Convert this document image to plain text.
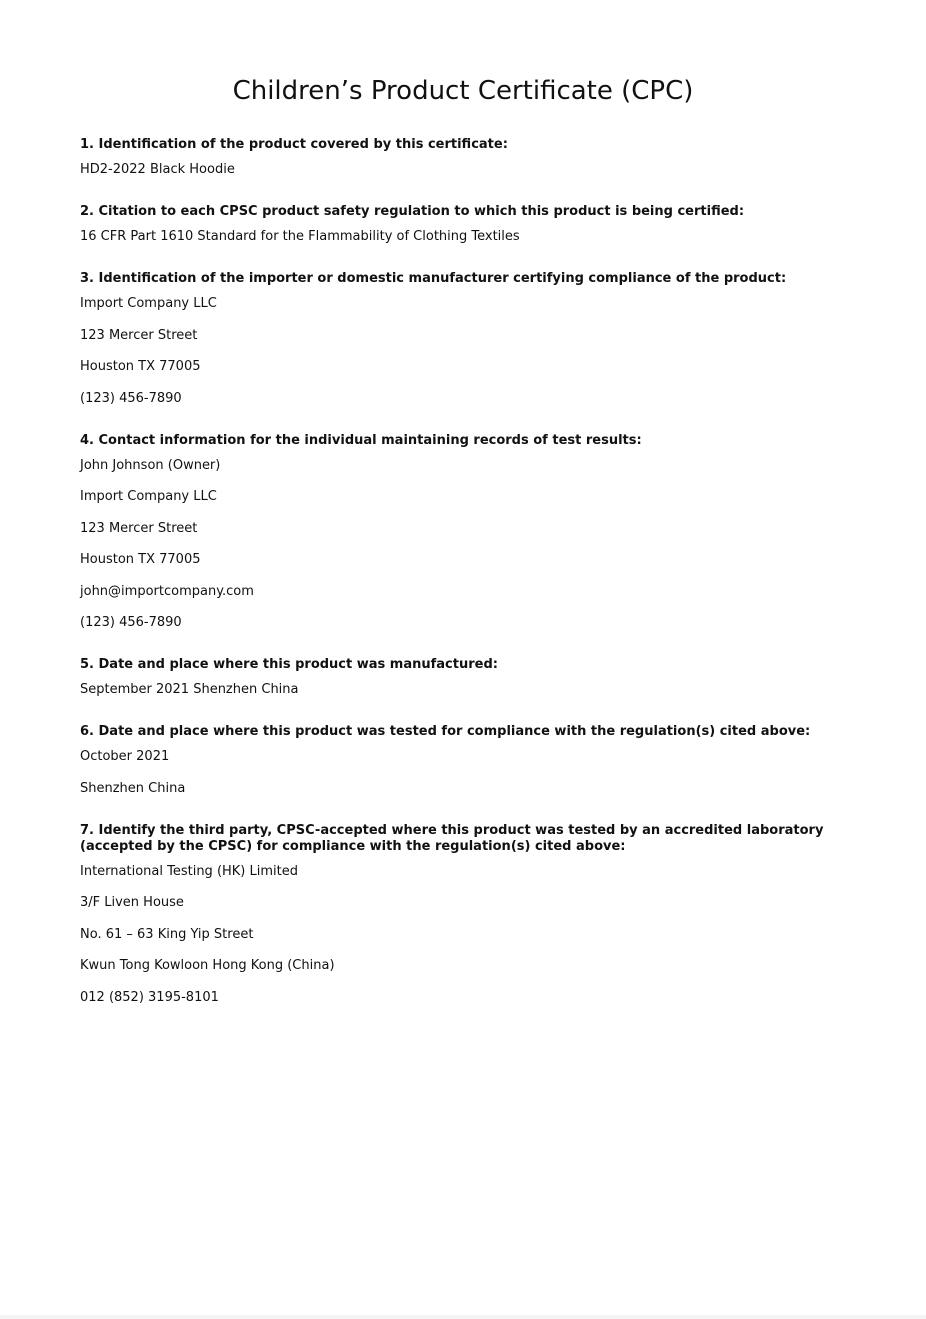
Children’s Product Certificate (CPC)

1. Identification of the product covered by this certificate:

HD2-2022 Black Hoodie

2. Citation to each CPSC product safety regulation to which this product is being certified:

16 CFR Part 1610 Standard for the Flammability of Clothing Textiles

3. Identification of the importer or domestic manufacturer certifying compliance of the product:

Import Company LLC
123 Mercer Street
Houston TX 77005
(123) 456-7890

4. Contact information for the individual maintaining records of test results:

John Johnson (Owner)
Import Company LLC
123 Mercer Street
Houston TX 77005
john@importcompany.com
(123) 456-7890

5. Date and place where this product was manufactured:

September 2021 Shenzhen China

6. Date and place where this product was tested for compliance with the regulation(s) cited above:

October 2021
Shenzhen China

7. Identify the third party, CPSC-accepted where this product was tested by an accredited laboratory (accepted by the CPSC) for compliance with the regulation(s) cited above:

International Testing (HK) Limited
3/F Liven House
No. 61 – 63 King Yip Street
Kwun Tong Kowloon Hong Kong (China)
012 (852) 3195-8101
